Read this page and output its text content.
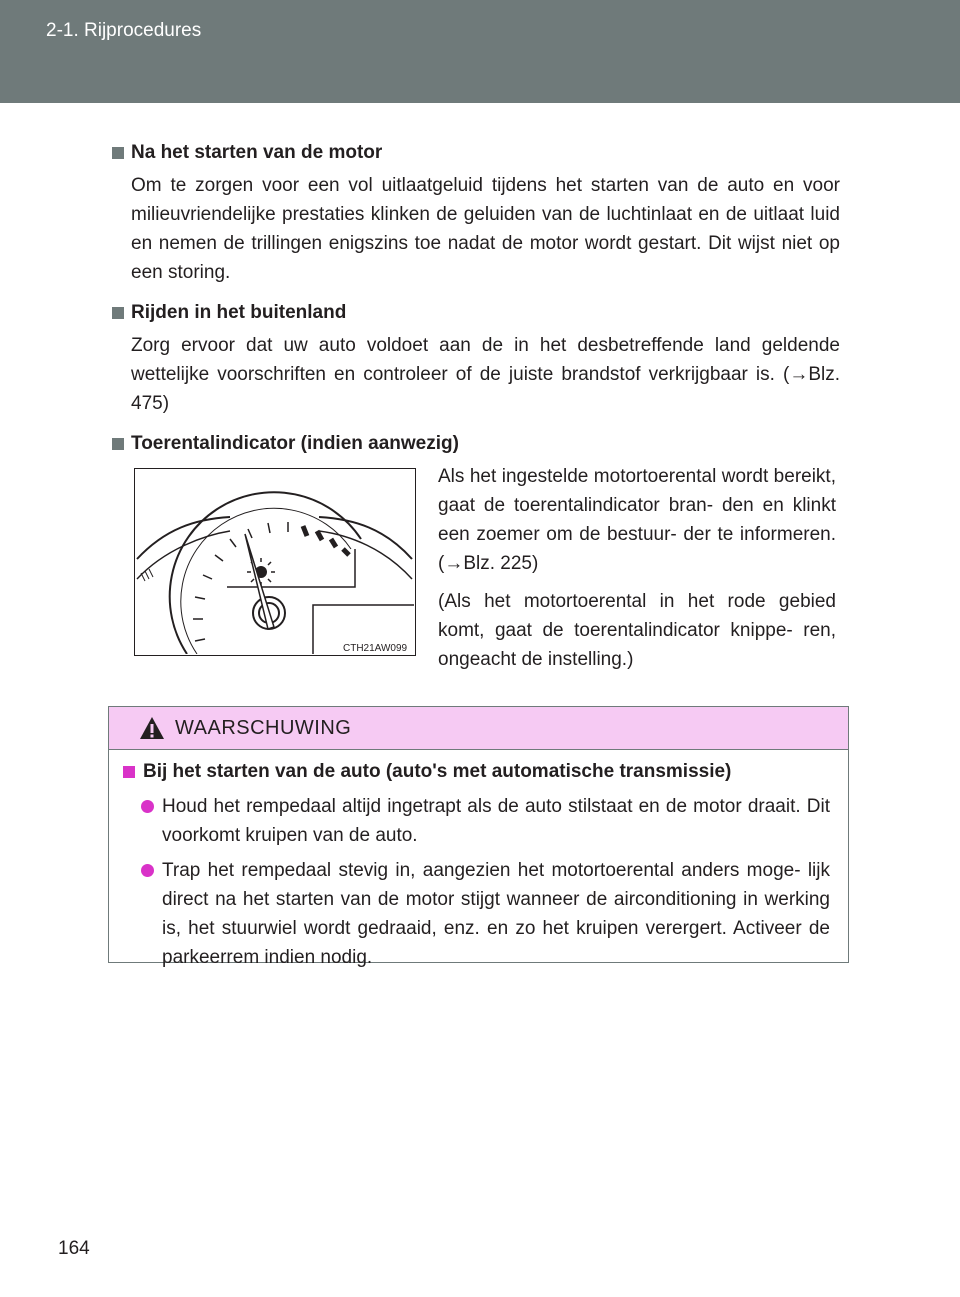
2-1. Rijprocedures
Na het starten van de motor

Om te zorgen voor een vol uitlaatgeluid tijdens het starten van de auto en voor milieuvriendelijke prestaties klinken de geluiden van de luchtinlaat en de uitlaat luid en nemen de trillingen enigszins toe nadat de motor wordt gestart. Dit wijst niet op een storing.

Rijden in het buitenland

Zorg ervoor dat uw auto voldoet aan de in het desbetreffende land geldende wettelijke voorschriften en controleer of de juiste brandstof verkrijgbaar is. (→Blz. 475)

Toerentalindicator (indien aanwezig)
CTH21AW099

Als het ingestelde motortoerental wordt bereikt, gaat de toerentalindicator bran- den en klinkt een zoemer om de bestuur- der te informeren. (→Blz. 225)

(Als het motortoerental in het rode gebied komt, gaat de toerentalindicator knippe- ren, ongeacht de instelling.)

WAARSCHUWING
Bij het starten van de auto (auto's met automatische transmissie)
Houd het rempedaal altijd ingetrapt als de auto stilstaat en de motor draait. Dit voorkomt kruipen van de auto.
Trap het rempedaal stevig in, aangezien het motortoerental anders moge- lijk direct na het starten van de motor stijgt wanneer de airconditioning in werking is, het stuurwiel wordt gedraaid, enz. en zo het kruipen verergert. Activeer de parkeerrem indien nodig.
164
